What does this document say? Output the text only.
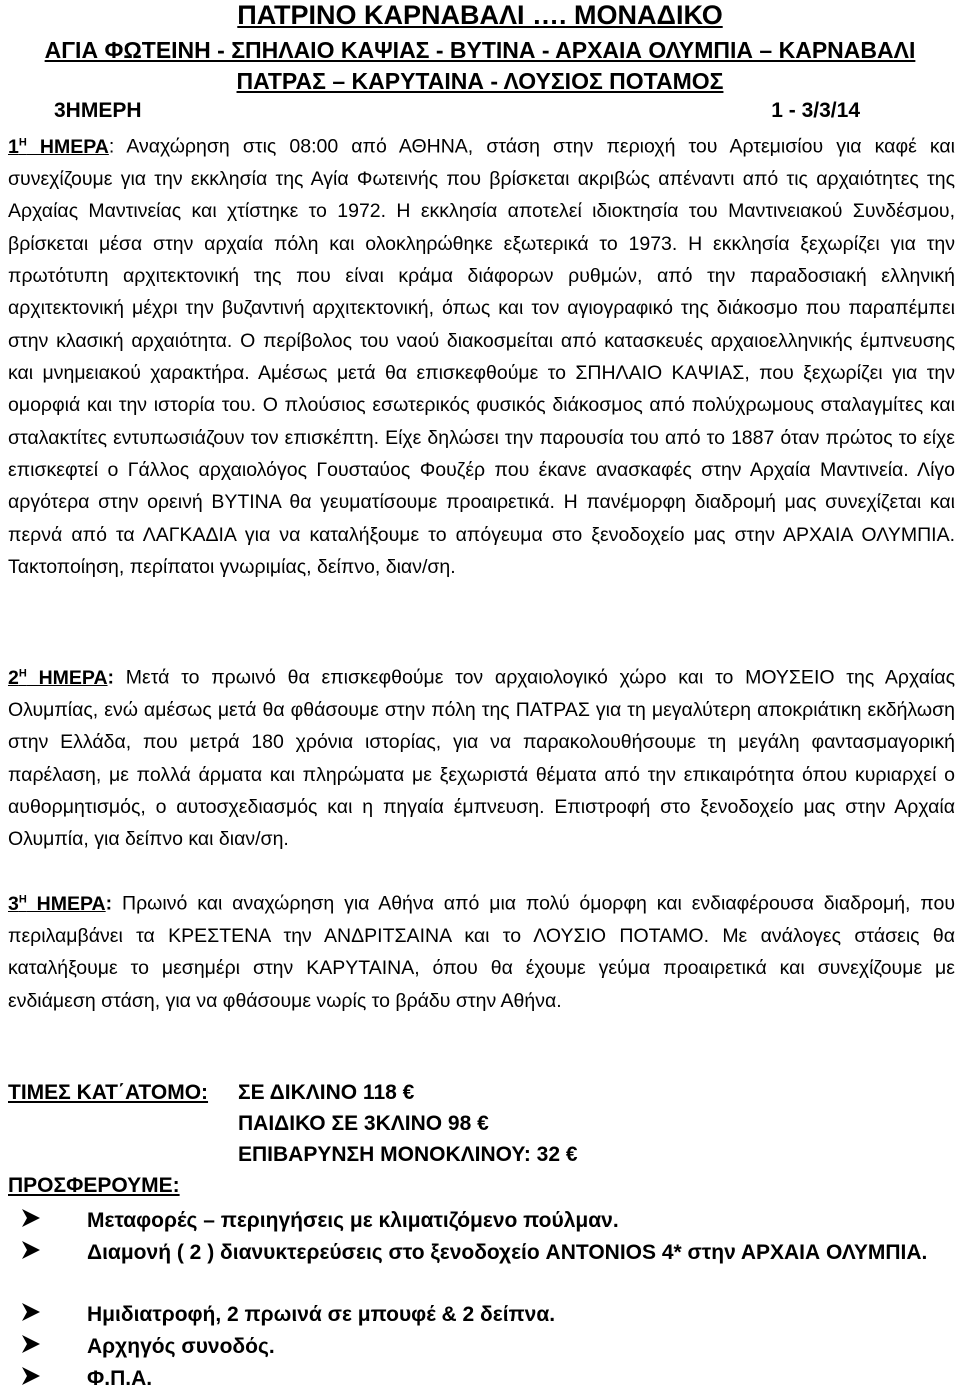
ΠΑΤΡΙΝΟ ΚΑΡΝΑΒΑΛΙ …. ΜΟΝΑΔΙΚΟ
ΑΓΙΑ ΦΩΤΕΙΝΗ - ΣΠΗΛΑΙΟ ΚΑΨΙΑΣ - ΒΥΤΙΝΑ - ΑΡΧΑΙΑ ΟΛΥΜΠΙΑ – ΚΑΡΝΑΒΑΛΙ
ΠΑΤΡΑΣ – ΚΑΡΥΤΑΙΝΑ - ΛΟΥΣΙΟΣ ΠΟΤΑΜΟΣ
3ΗΜΕΡΗ	1 - 3/3/14
$1^H$ ΗΜΕΡΑ: Αναχώρηση στις 08:00 από ΑΘΗΝΑ, στάση στην περιοχή του Αρτεμισίου για καφέ και συνεχίζουμε για την εκκλησία της Αγία Φωτεινής που βρίσκεται ακριβώς απέναντι από τις αρχαιότητες της Αρχαίας Μαντινείας και χτίστηκε το 1972. Η εκκλησία αποτελεί ιδιοκτησία του Μαντινειακού Συνδέσμου, βρίσκεται μέσα στην αρχαία πόλη και ολοκληρώθηκε εξωτερικά το 1973. Η εκκλησία ξεχωρίζει για την πρωτότυπη αρχιτεκτονική της που είναι κράμα διάφορων ρυθμών, από την παραδοσιακή ελληνική αρχιτεκτονική μέχρι την βυζαντινή αρχιτεκτονική, όπως και τον αγιογραφικό της διάκοσμο που παραπέμπει στην κλασική αρχαιότητα. Ο περίβολος του ναού διακοσμείται από κατασκευές αρχαιοελληνικής έμπνευσης και μνημειακού χαρακτήρα. Αμέσως μετά θα επισκεφθούμε το ΣΠΗΛΑΙΟ ΚΑΨΙΑΣ, που ξεχωρίζει για την ομορφιά και την ιστορία του. Ο πλούσιος εσωτερικός φυσικός διάκοσμος από πολύχρωμους σταλαγμίτες και σταλακτίτες εντυπωσιάζουν τον επισκέπτη. Είχε δηλώσει την παρουσία του από το 1887 όταν πρώτος το είχε επισκεφτεί ο Γάλλος αρχαιολόγος Γουσταύος Φουζέρ που έκανε ανασκαφές στην Αρχαία Μαντινεία. Λίγο αργότερα στην ορεινή ΒΥΤΙΝΑ θα γευματίσουμε προαιρετικά. Η πανέμορφη διαδρομή μας συνεχίζεται και περνά από τα ΛΑΓΚΑΔΙΑ για να καταλήξουμε το απόγευμα στο ξενοδοχείο μας στην ΑΡΧΑΙΑ ΟΛΥΜΠΙΑ. Τακτοποίηση, περίπατοι γνωριμίας, δείπνο, διαν/ση.
$2^H$ ΗΜΕΡΑ: Μετά το πρωινό θα επισκεφθούμε τον αρχαιολογικό χώρο και το ΜΟΥΣΕΙΟ της Αρχαίας Ολυμπίας, ενώ αμέσως μετά θα φθάσουμε στην πόλη της ΠΑΤΡΑΣ για τη μεγαλύτερη αποκριάτικη εκδήλωση στην Ελλάδα, που μετρά 180 χρόνια ιστορίας, για να παρακολουθήσουμε τη μεγάλη φαντασμαγορική παρέλαση, με πολλά άρματα και πληρώματα με ξεχωριστά θέματα από την επικαιρότητα όπου κυριαρχεί ο αυθορμητισμός, ο αυτοσχεδιασμός και η πηγαία έμπνευση. Επιστροφή στο ξενοδοχείο μας στην Αρχαία Ολυμπία, για δείπνο και διαν/ση.
$3^H$ ΗΜΕΡΑ: Πρωινό και αναχώρηση για Αθήνα από μια πολύ όμορφη και ενδιαφέρουσα διαδρομή, που περιλαμβάνει τα ΚΡΕΣΤΕΝΑ την ΑΝΔΡΙΤΣΑΙΝΑ και το ΛΟΥΣΙΟ ΠΟΤΑΜΟ. Με ανάλογες στάσεις θα καταλήξουμε το μεσημέρι στην ΚΑΡΥΤΑΙΝΑ, όπου θα έχουμε γεύμα προαιρετικά και συνεχίζουμε με ενδιάμεση στάση, για να φθάσουμε νωρίς το βράδυ στην Αθήνα.
ΤΙΜΕΣ ΚΑΤ΄ΑΤΟΜΟ: ΣΕ ΔΙΚΛΙΝΟ 118 €
ΠΑΙΔΙΚΟ ΣΕ 3ΚΛΙΝΟ 98 €
ΕΠΙΒΑΡΥΝΣΗ ΜΟΝΟΚΛΙΝΟΥ: 32 €
ΠΡΟΣΦΕΡΟΥΜΕ:
Μεταφορές – περιηγήσεις με κλιματιζόμενο πούλμαν.
Διαμονή ( 2 ) διανυκτερεύσεις στο ξενοδοχείο ANTONIOS 4* στην ΑΡΧΑΙΑ ΟΛΥΜΠΙΑ.
Ημιδιατροφή, 2 πρωινά σε μπουφέ & 2 δείπνα.
Αρχηγός συνοδός.
Φ.Π.Α.
